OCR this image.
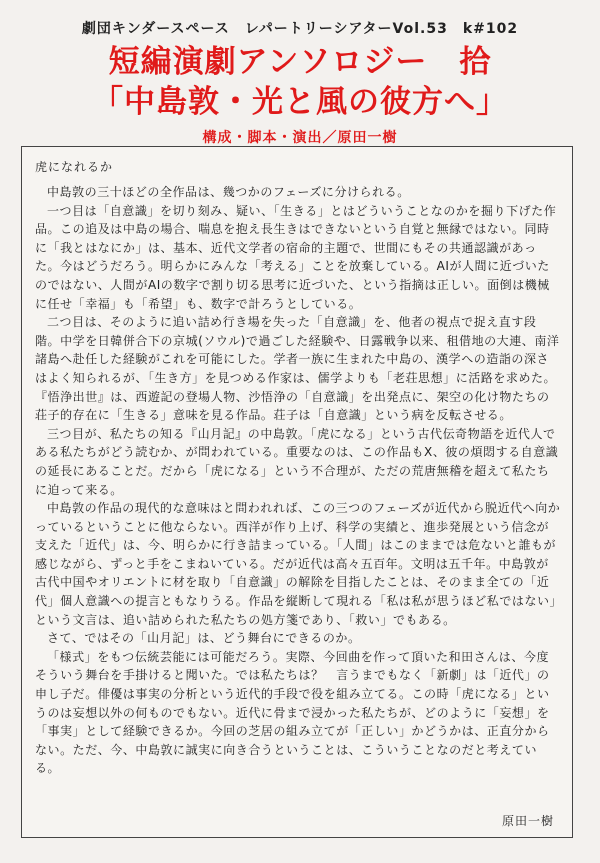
劇団キンダースペース　レパートリーシアターVol.53　k#102
短編演劇アンソロジー　拾
「中島敦・光と風の彼方へ」
構成・脚本・演出／原田一樹
虎になれるか

中島敦の三十ほどの全作品は、幾つかのフェーズに分けられる。

一つ目は「自意識」を切り刻み、疑い、「生きる」とはどういうことなのかを掘り下げた作品。この追及は中島の場合、喘息を抱え長生きはできないという自覚と無縁ではない。同時に「我とはなにか」は、基本、近代文学者の宿命的主題で、世間にもその共通認識があった。今はどうだろう。明らかにみんな「考える」ことを放棄している。AIが人間に近づいたのではない、人間がAIの数字で割り切る思考に近づいた、という指摘は正しい。面倒は機械に任せ「幸福」も「希望」も、数字で計ろうとしている。

二つ目は、そのように追い詰め行き場を失った「自意識」を、他者の視点で捉え直す段階。中学を日韓併合下の京城(ソウル)で過ごした経験や、日露戦争以来、租借地の大連、南洋諸島へ赴任した経験がこれを可能にした。学者一族に生まれた中島の、漢学への造詣の深さはよく知られるが、「生き方」を見つめる作家は、儒学よりも「老荘思想」に活路を求めた。『悟浄出世』は、西遊記の登場人物、沙悟浄の「自意識」を出発点に、架空の化け物たちの荘子的存在に「生きる」意味を見る作品。荘子は「自意識」という病を反転させる。

三つ目が、私たちの知る『山月記』の中島敦。「虎になる」という古代伝奇物語を近代人である私たちがどう読むか、が問われている。重要なのは、この作品もX、彼の煩悶する自意識の延長にあることだ。だから「虎になる」という不合理が、ただの荒唐無稽を超えて私たちに迫って来る。

中島敦の作品の現代的な意味はと問われれば、この三つのフェーズが近代から脱近代へ向かっているということに他ならない。西洋が作り上げ、科学の実績と、進歩発展という信念が支えた「近代」は、今、明らかに行き詰まっている。「人間」はこのままでは危ないと誰もが感じながら、ずっと手をこまねいている。だが近代は高々五百年。文明は五千年。中島敦が古代中国やオリエントに材を取り「自意識」の解除を目指したことは、そのまま全ての「近代」個人意識への提言ともなりうる。作品を縦断して現れる「私は私が思うほど私ではない」という文言は、追い詰められた私たちの処方箋であり、「救い」でもある。

さて、ではその「山月記」は、どう舞台にできるのか。

「様式」をもつ伝統芸能には可能だろう。実際、今回曲を作って頂いた和田さんは、今度そういう舞台を手掛けると聞いた。では私たちは？　言うまでもなく「新劇」は「近代」の申し子だ。俳優は事実の分析という近代的手段で役を組み立てる。この時「虎になる」というのは妄想以外の何ものでもない。近代に骨まで浸かった私たちが、どのように「妄想」を「事実」として経験できるか。今回の芝居の組み立てが「正しい」かどうかは、正直分からない。ただ、今、中島敦に誠実に向き合うということは、こういうことなのだと考えている。

原田一樹
